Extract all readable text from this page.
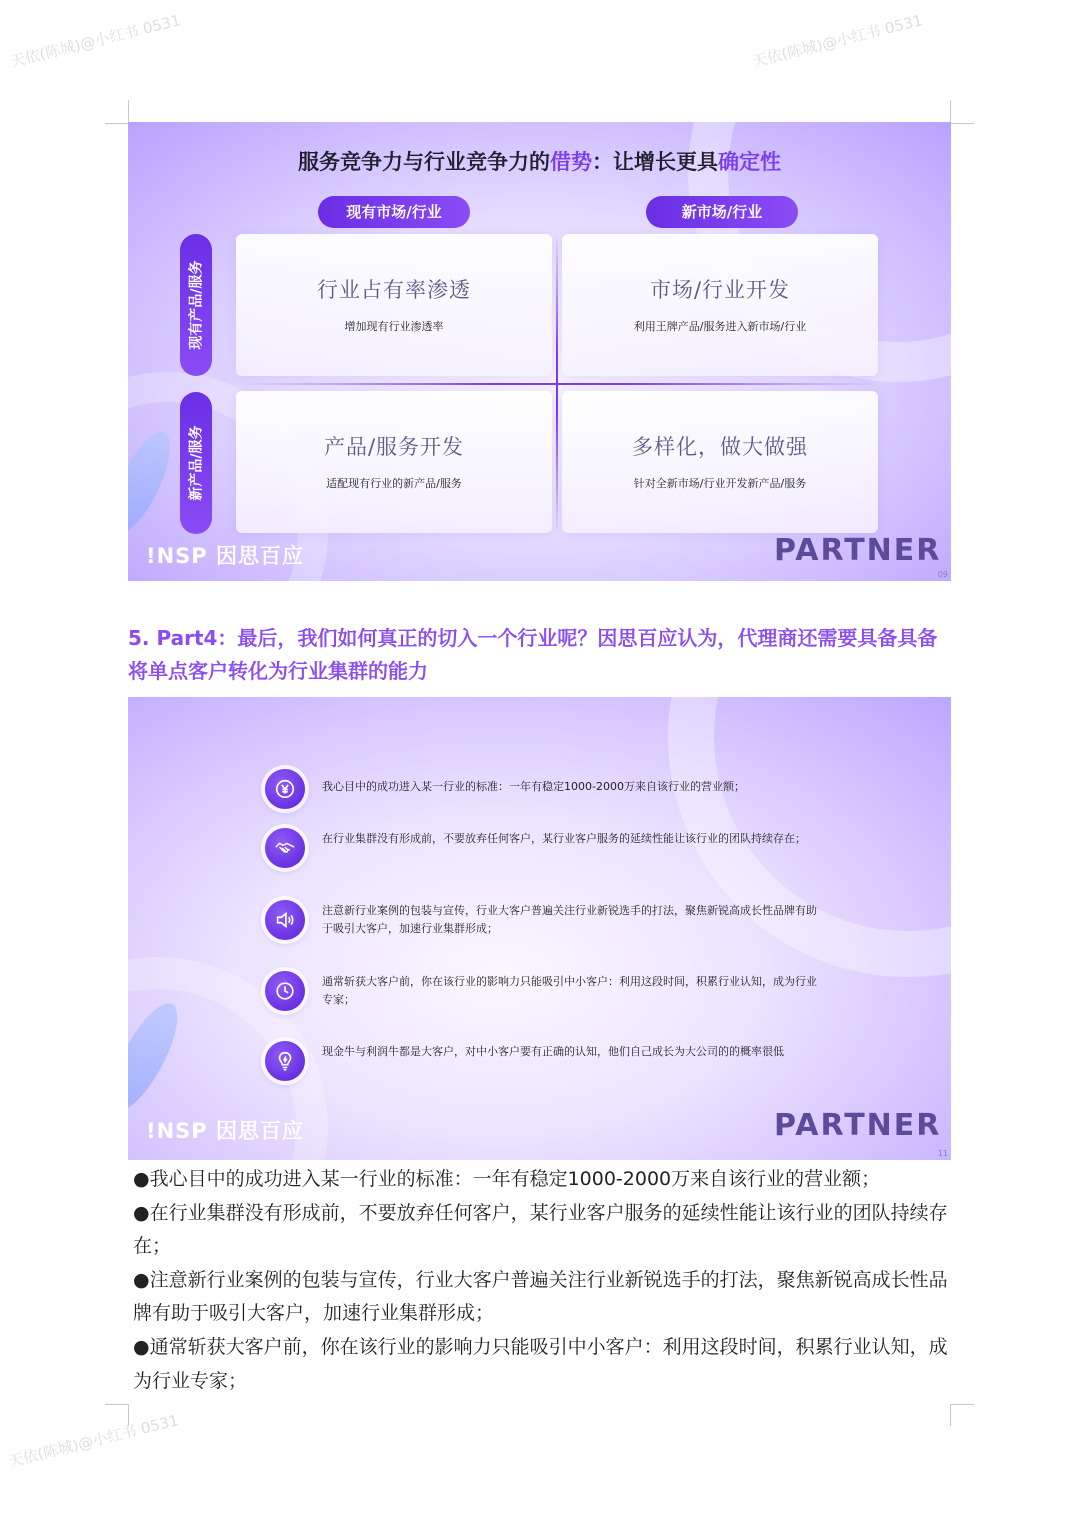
天依(陈城)@小红书 0531	天依(陈城)@小红书 0531
天依(陈城)@小红书 0531
服务竞争力与行业竞争力的借势：让增长更具确定性
现有市场/行业	新市场/行业
现有产品/服务
新产品/服务
行业占有率渗透
增加现有行业渗透率
市场/行业开发
利用王牌产品/服务进入新市场/行业
产品/服务开发
适配现有行业的新产品/服务
多样化，做大做强
针对全新市场/行业开发新产品/服务
!NSP 因思百应	PARTNER
09
5. Part4：最后，我们如何真正的切入一个行业呢？因思百应认为，代理商还需要具备具备将单点客户转化为行业集群的能力
我心目中的成功进入某一行业的标准：一年有稳定1000-2000万来自该行业的营业额；
在行业集群没有形成前，不要放弃任何客户，某行业客户服务的延续性能让该行业的团队持续存在；
注意新行业案例的包装与宣传，行业大客户普遍关注行业新锐选手的打法，聚焦新锐高成长性品牌有助于吸引大客户，加速行业集群形成；
通常斩获大客户前，你在该行业的影响力只能吸引中小客户：利用这段时间，积累行业认知，成为行业专家；
现金牛与利润牛都是大客户，对中小客户要有正确的认知，他们自己成长为大公司的的概率很低
!NSP 因思百应	PARTNER
11

●我心目中的成功进入某一行业的标准：一年有稳定1000-2000万来自该行业的营业额；

●在行业集群没有形成前，不要放弃任何客户，某行业客户服务的延续性能让该行业的团队持续存在；

●注意新行业案例的包装与宣传，行业大客户普遍关注行业新锐选手的打法，聚焦新锐高成长性品牌有助于吸引大客户，加速行业集群形成；

●通常斩获大客户前，你在该行业的影响力只能吸引中小客户：利用这段时间，积累行业认知，成为行业专家；
